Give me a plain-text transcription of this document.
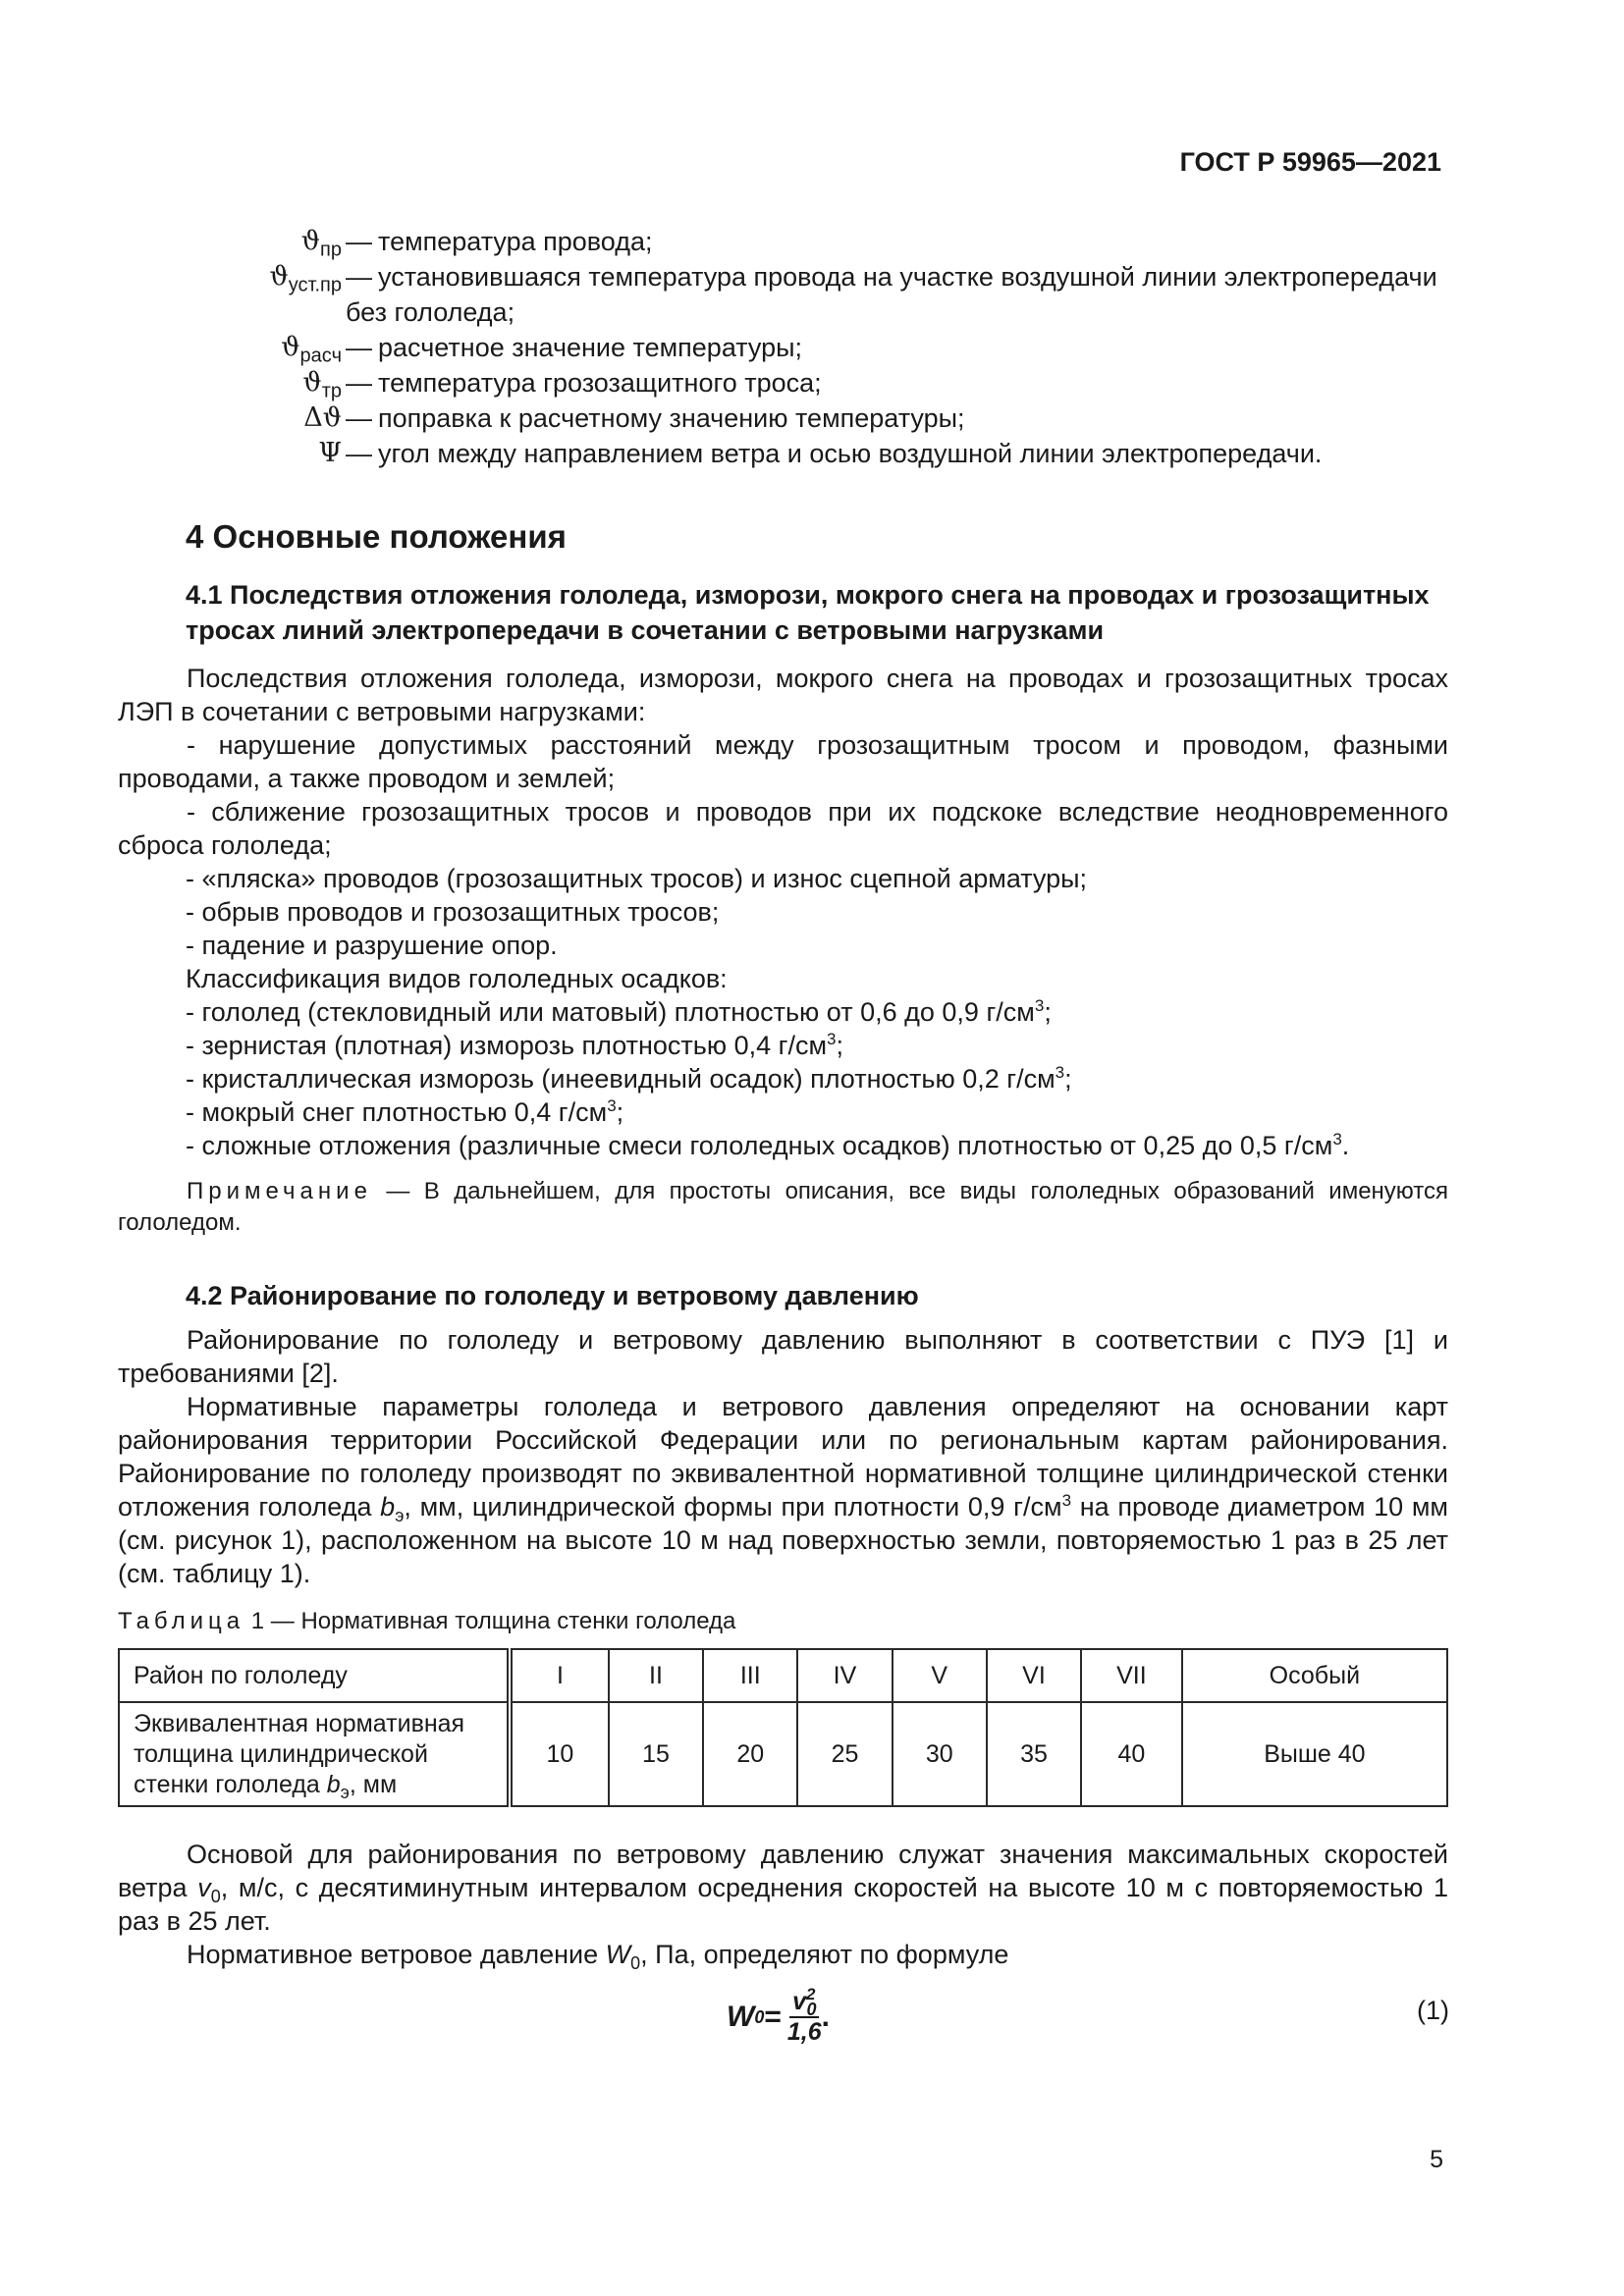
ГОСТ Р 59965—2021
$ϑ_{пр}$ — температура провода;
$ϑ_{уст.пр}$ — установившаяся температура провода на участке воздушной линии электропередачи без гололеда;
$ϑ_{расч}$ — расчетное значение температуры;
$ϑ_{тр}$ — температура грозозащитного троса;
Δϑ — поправка к расчетному значению температуры;
Ψ — угол между направлением ветра и осью воздушной линии электропередачи.
4 Основные положения
4.1 Последствия отложения гололеда, изморози, мокрого снега на проводах и грозозащитных тросах линий электропередачи в сочетании с ветровыми нагрузками

Последствия отложения гололеда, изморози, мокрого снега на проводах и грозозащитных тросах ЛЭП в сочетании с ветровыми нагрузками:

- нарушение допустимых расстояний между грозозащитным тросом и проводом, фазными проводами, а также проводом и землей;

- сближение грозозащитных тросов и проводов при их подскоке вследствие неодновременного сброса гололеда;

- «пляска» проводов (грозозащитных тросов) и износ сцепной арматуры;

- обрыв проводов и грозозащитных тросов;

- падение и разрушение опор.

Классификация видов гололедных осадков:

- гололед (стекловидный или матовый) плотностью от 0,6 до 0,9 $г/см^3$;

- зернистая (плотная) изморозь плотностью 0,4 $г/см^3$;

- кристаллическая изморозь (инеевидный осадок) плотностью 0,2 $г/см^3$;

- мокрый снег плотностью 0,4 $г/см^3$;

- сложные отложения (различные смеси гололедных осадков) плотностью от 0,25 до 0,5 $г/см^3$.

Примечание — В дальнейшем, для простоты описания, все виды гололедных образований именуются гололедом.

4.2 Районирование по гололеду и ветровому давлению

Районирование по гололеду и ветровому давлению выполняют в соответствии с ПУЭ [1] и требованиями [2].

Нормативные параметры гололеда и ветрового давления определяют на основании карт районирования территории Российской Федерации или по региональным картам районирования. Районирование по гололеду производят по эквивалентной нормативной толщине цилиндрической стенки отложения гололеда $b_э$, мм, цилиндрической формы при плотности 0,9 $г/см^3$ на проводе диаметром 10 мм (см. рисунок 1), расположенном на высоте 10 м над поверхностью земли, повторяемостью 1 раз в 25 лет (см. таблицу 1).

Таблица 1 — Нормативная толщина стенки гололеда
Район по гололеду	I	II	III	IV	V	VI	VII	Особый
Эквивалентная нормативная толщина цилиндрической стенки гололеда $b_э$, мм	10	15	20	25	30	35	40	Выше 40

Основой для районирования по ветровому давлению служат значения максимальных скоростей ветра $v_0$, м/с, с десятиминутным интервалом осреднения скоростей на высоте 10 м с повторяемостью 1 раз в 25 лет.

Нормативное ветровое давление $W_0$, Па, определяют по формуле

W $0 = \frac{v^2_0}{1,6}$ .	(1)
5
